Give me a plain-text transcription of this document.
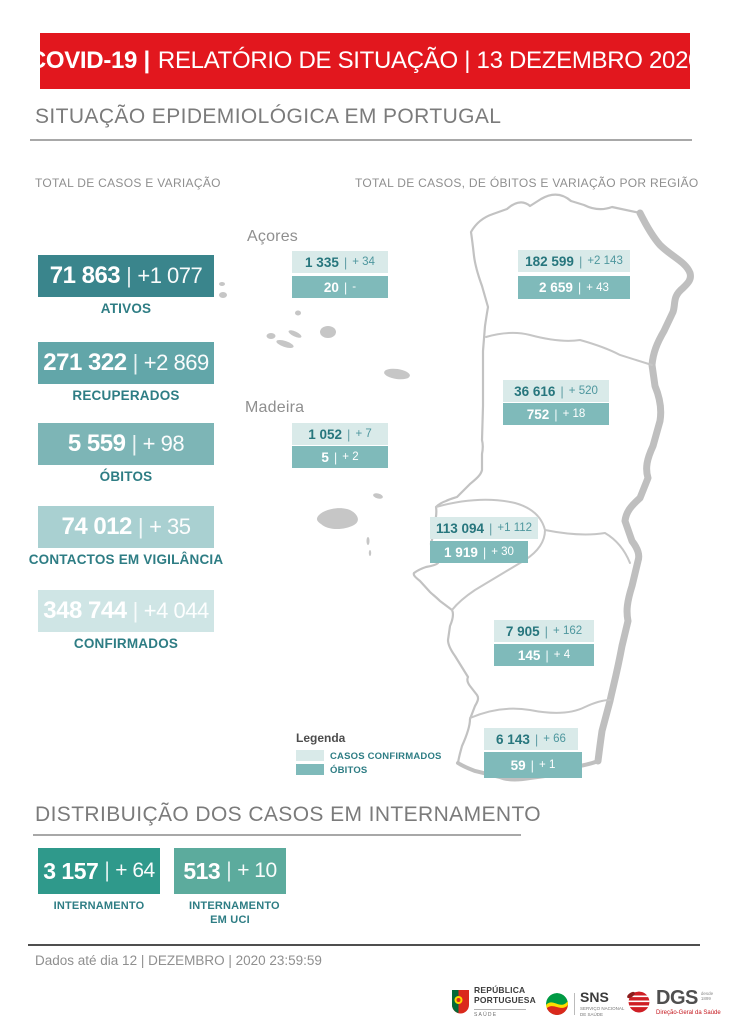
COVID-19 | RELATÓRIO DE SITUAÇÃO | 13 DEZEMBRO 2020
SITUAÇÃO EPIDEMIOLÓGICA EM PORTUGAL
TOTAL DE CASOS E VARIAÇÃO	TOTAL DE CASOS, DE ÓBITOS E VARIAÇÃO POR REGIÃO
71 863 | +1 077
ATIVOS
271 322 | +2 869
RECUPERADOS
5 559 | + 98
ÓBITOS
74 012 | + 35
CONTACTOS EM VIGILÂNCIA
348 744 | +4 044
CONFIRMADOS
Açores
Madeira
1 335 | + 34
20 | -
182 599 | +2 143
2 659 | + 43
36 616 | + 520
752 | + 18
1 052 | + 7
5 | + 2
113 094 | +1 112
1 919 | + 30
7 905 | + 162
145 | + 4
6 143 | + 66
59 | + 1
Legenda
CASOS CONFIRMADOS
ÓBITOS
DISTRIBUIÇÃO DOS CASOS EM INTERNAMENTO
3 157 | + 64
INTERNAMENTO
513 | + 10
INTERNAMENTO EM UCI
Dados até dia 12 | DEZEMBRO | 2020 23:59:59
REPÚBLICA
PORTUGUESA
SAÚDE
SNS
SERVIÇO NACIONAL
DE SAÚDE
DGS desde
1899
Direção-Geral da Saúde
